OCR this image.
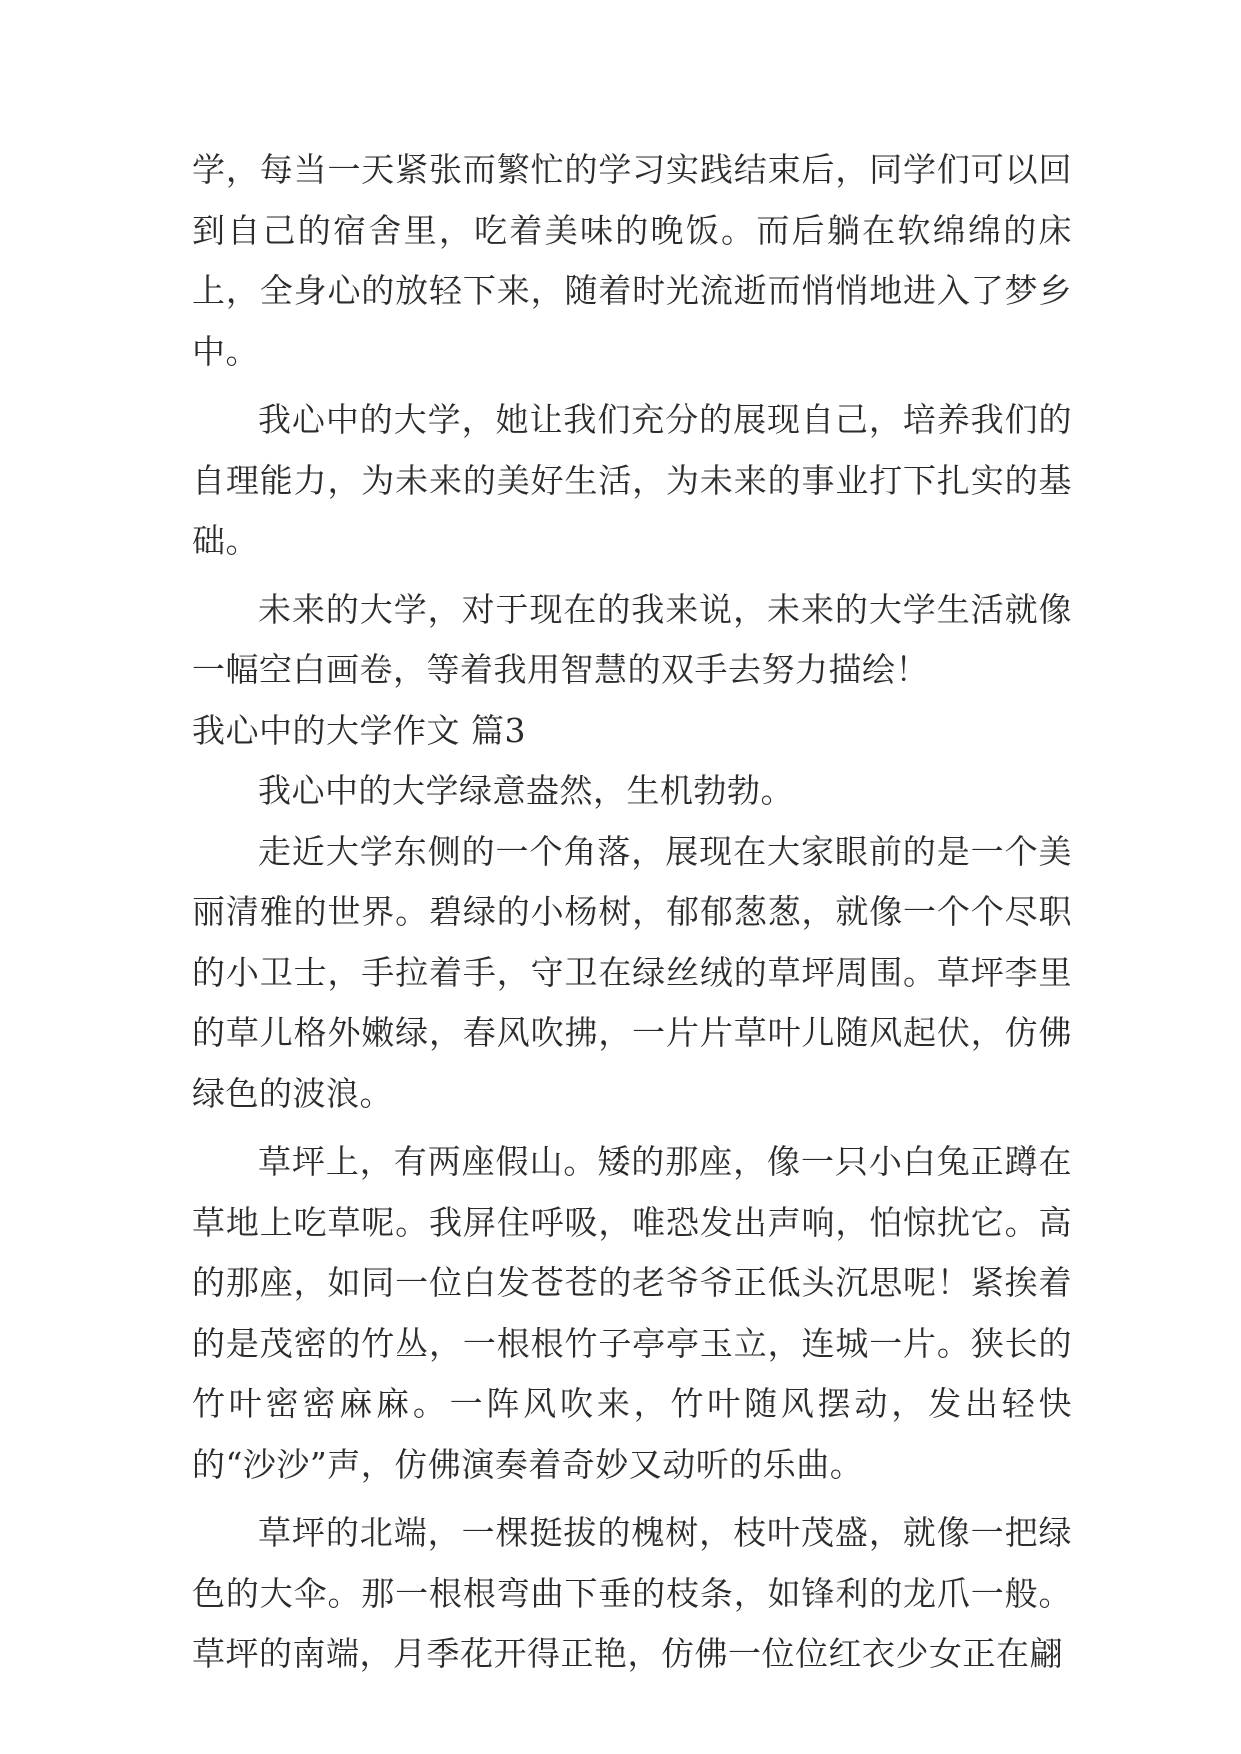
学，每当一天紧张而繁忙的学习实践结束后，同学们可以回到自己的宿舍里，吃着美味的晚饭。而后躺在软绵绵的床上，全身心的放轻下来，随着时光流逝而悄悄地进入了梦乡中。

我心中的大学，她让我们充分的展现自己，培养我们的自理能力，为未来的美好生活，为未来的事业打下扎实的基础。

未来的大学，对于现在的我来说，未来的大学生活就像一幅空白画卷，等着我用智慧的双手去努力描绘！

我心中的大学作文 篇3

我心中的大学绿意盎然，生机勃勃。

走近大学东侧的一个角落，展现在大家眼前的是一个美丽清雅的世界。碧绿的小杨树，郁郁葱葱，就像一个个尽职的小卫士，手拉着手，守卫在绿丝绒的草坪周围。草坪李里的草儿格外嫩绿，春风吹拂，一片片草叶儿随风起伏，仿佛绿色的波浪。

草坪上，有两座假山。矮的那座，像一只小白兔正蹲在草地上吃草呢。我屏住呼吸，唯恐发出声响，怕惊扰它。高的那座，如同一位白发苍苍的老爷爷正低头沉思呢！紧挨着的是茂密的竹丛，一根根竹子亭亭玉立，连城一片。狭长的竹叶密密麻麻。一阵风吹来，竹叶随风摆动，发出轻快的“沙沙”声，仿佛演奏着奇妙又动听的乐曲。

草坪的北端，一棵挺拔的槐树，枝叶茂盛，就像一把绿色的大伞。那一根根弯曲下垂的枝条，如锋利的龙爪一般。草坪的南端，月季花开得正艳，仿佛一位位红衣少女正在翩
